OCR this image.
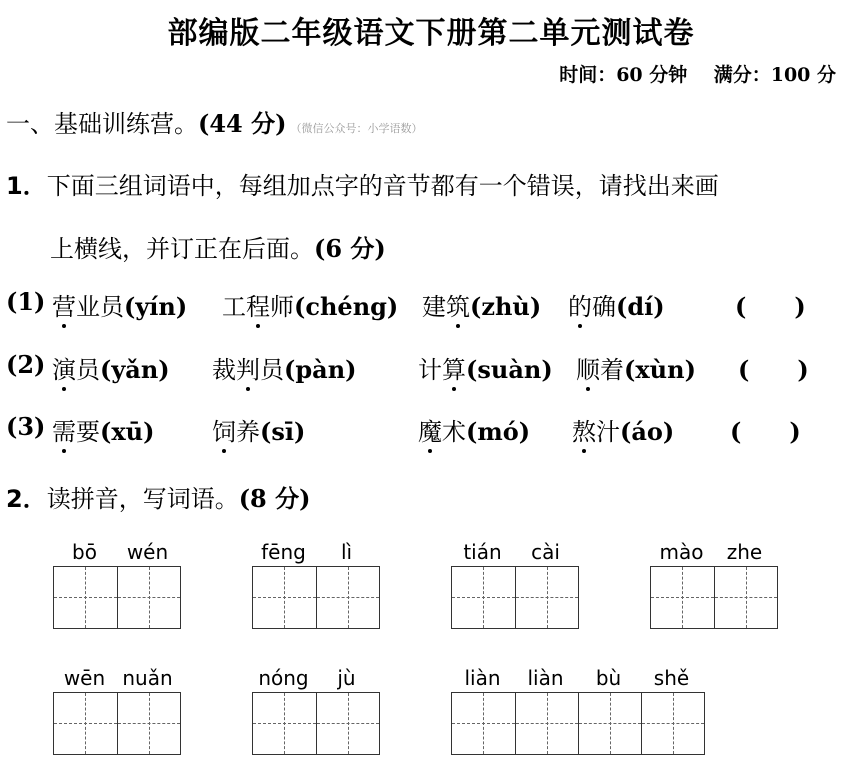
部编版二年级语文下册第二单元测试卷
时间：60 分钟 满分：100 分
一、基础训练营。(44 分) （微信公众号：小学语数）
1．下面三组词语中，每组加点字的音节都有一个错误，请找出来画
上横线，并订正在后面。(6 分)
(1) 营业员(yín) 工程师(chéng) 建筑(zhù) 的确(dí)	(　　)
(2) 演员(yǎn) 裁判员(pàn)	计算(suàn) 顺着(xùn) (　　)
(3) 需要(xū) 饲养(sī)	魔术(mó) 熬汁(áo) (　　)
2．读拼音，写词语。(8 分)
bō	wén	fēng	lì	tián	cài	mào	zhe
wēn nuǎn	nóng	jù	liàn	liàn	bù	shě
